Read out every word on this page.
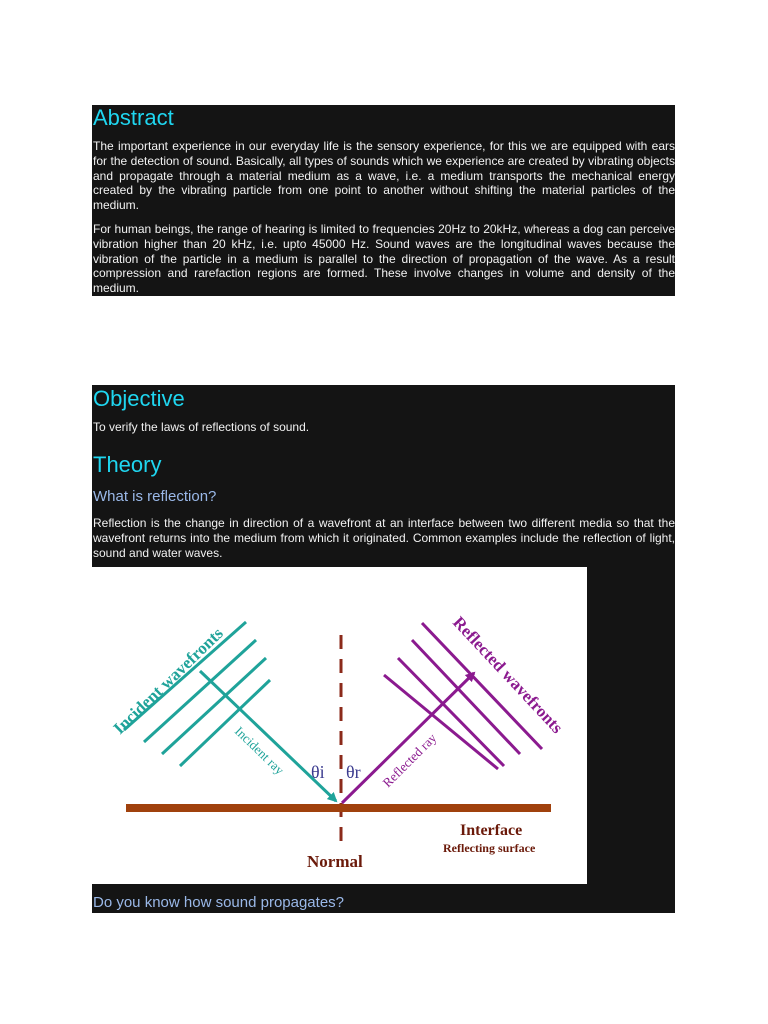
Abstract

The important experience in our everyday life is the sensory experience, for this we are equipped with ears for the detection of sound. Basically, all types of sounds which we experience are created by vibrating objects and propagate through a material medium as a wave, i.e. a medium transports the mechanical energy created by the vibrating particle from one point to another without shifting the material particles of the medium.

For human beings, the range of hearing is limited to frequencies 20Hz to 20kHz, whereas a dog can perceive vibration higher than 20 kHz, i.e. upto 45000 Hz. Sound waves are the longitudinal waves because the vibration of the particle in a medium is parallel to the direction of propagation of the wave. As a result compression and rarefaction regions are formed. These involve changes in volume and density of the medium.

Objective

To verify the laws of reflections of sound.

Theory
What is reflection?

Reflection is the change in direction of a wavefront at an interface between two different media so that the wavefront returns into the medium from which it originated. Common examples include the reflection of light, sound and water waves.

Incident wavefronts	Reflected wavefronts
Incident ray	Reflected ray
θi θr
Interface
Reflecting surface
Normal
Do you know how sound propagates?
